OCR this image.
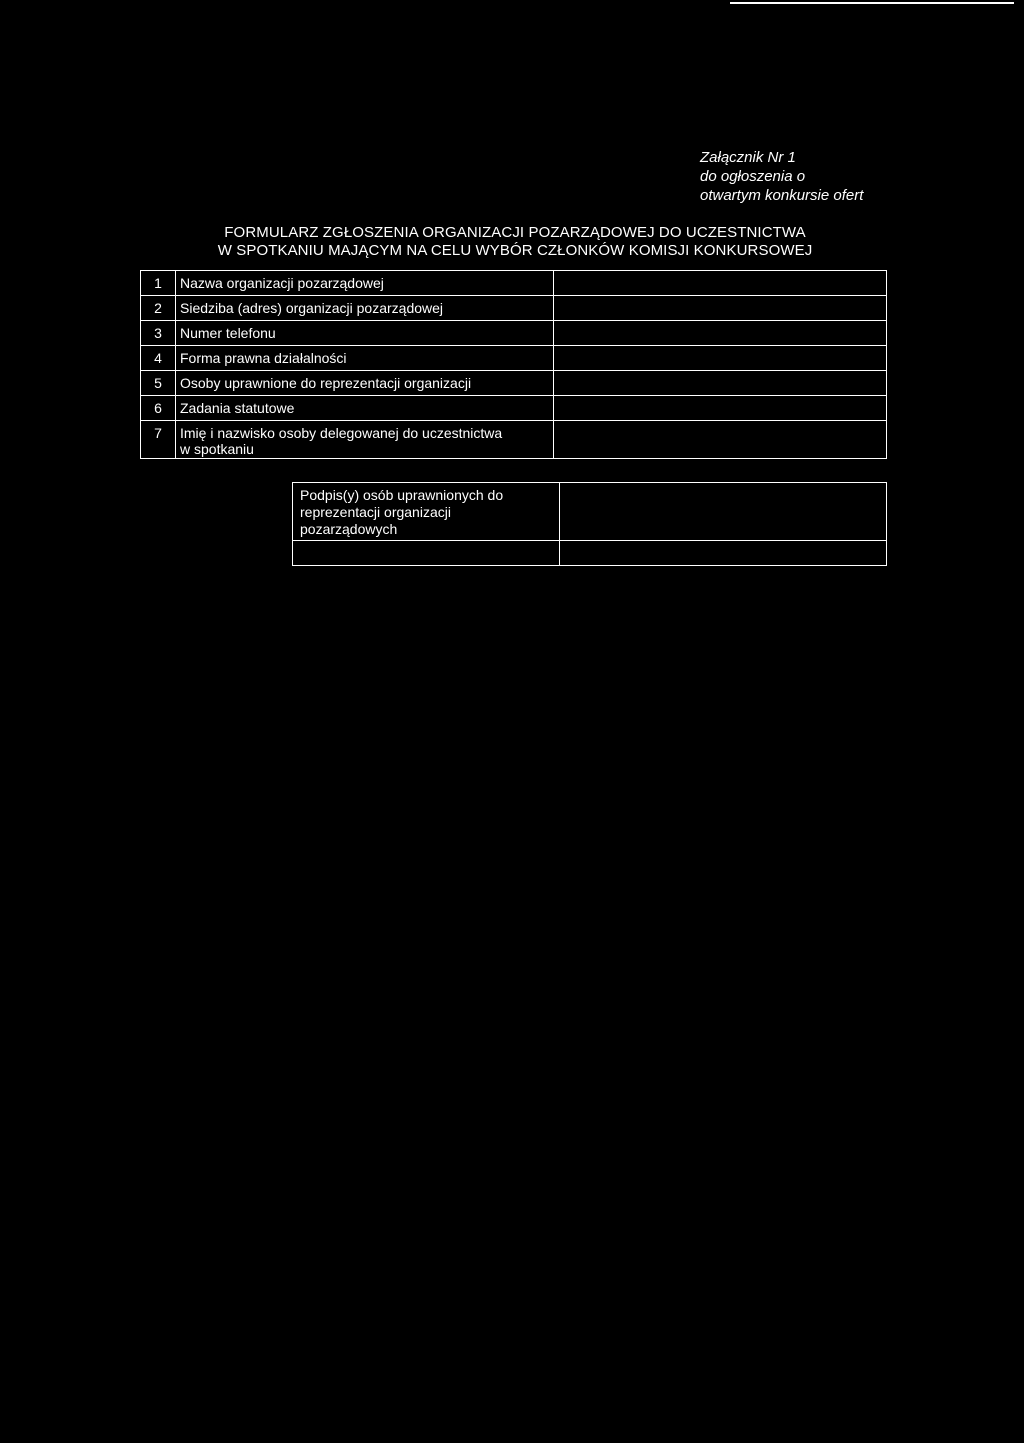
Załącznik Nr 1
do ogłoszenia o
otwartym konkursie ofert
FORMULARZ ZGŁOSZENIA ORGANIZACJI POZARZĄDOWEJ DO UCZESTNICTWA
W SPOTKANIU MAJĄCYM NA CELU WYBÓR CZŁONKÓW KOMISJI KONKURSOWEJ
1	Nazwa organizacji pozarządowej	
2	Siedziba (adres) organizacji pozarządowej	
3	Numer telefonu	
4	Forma prawna działalności	
5	Osoby uprawnione do reprezentacji organizacji	
6	Zadania statutowe	
7	Imię i nazwisko osoby delegowanej do uczestnictwa
w spotkaniu	

Podpis(y) osób uprawnionych do
reprezentacji organizacji
pozarządowych	
